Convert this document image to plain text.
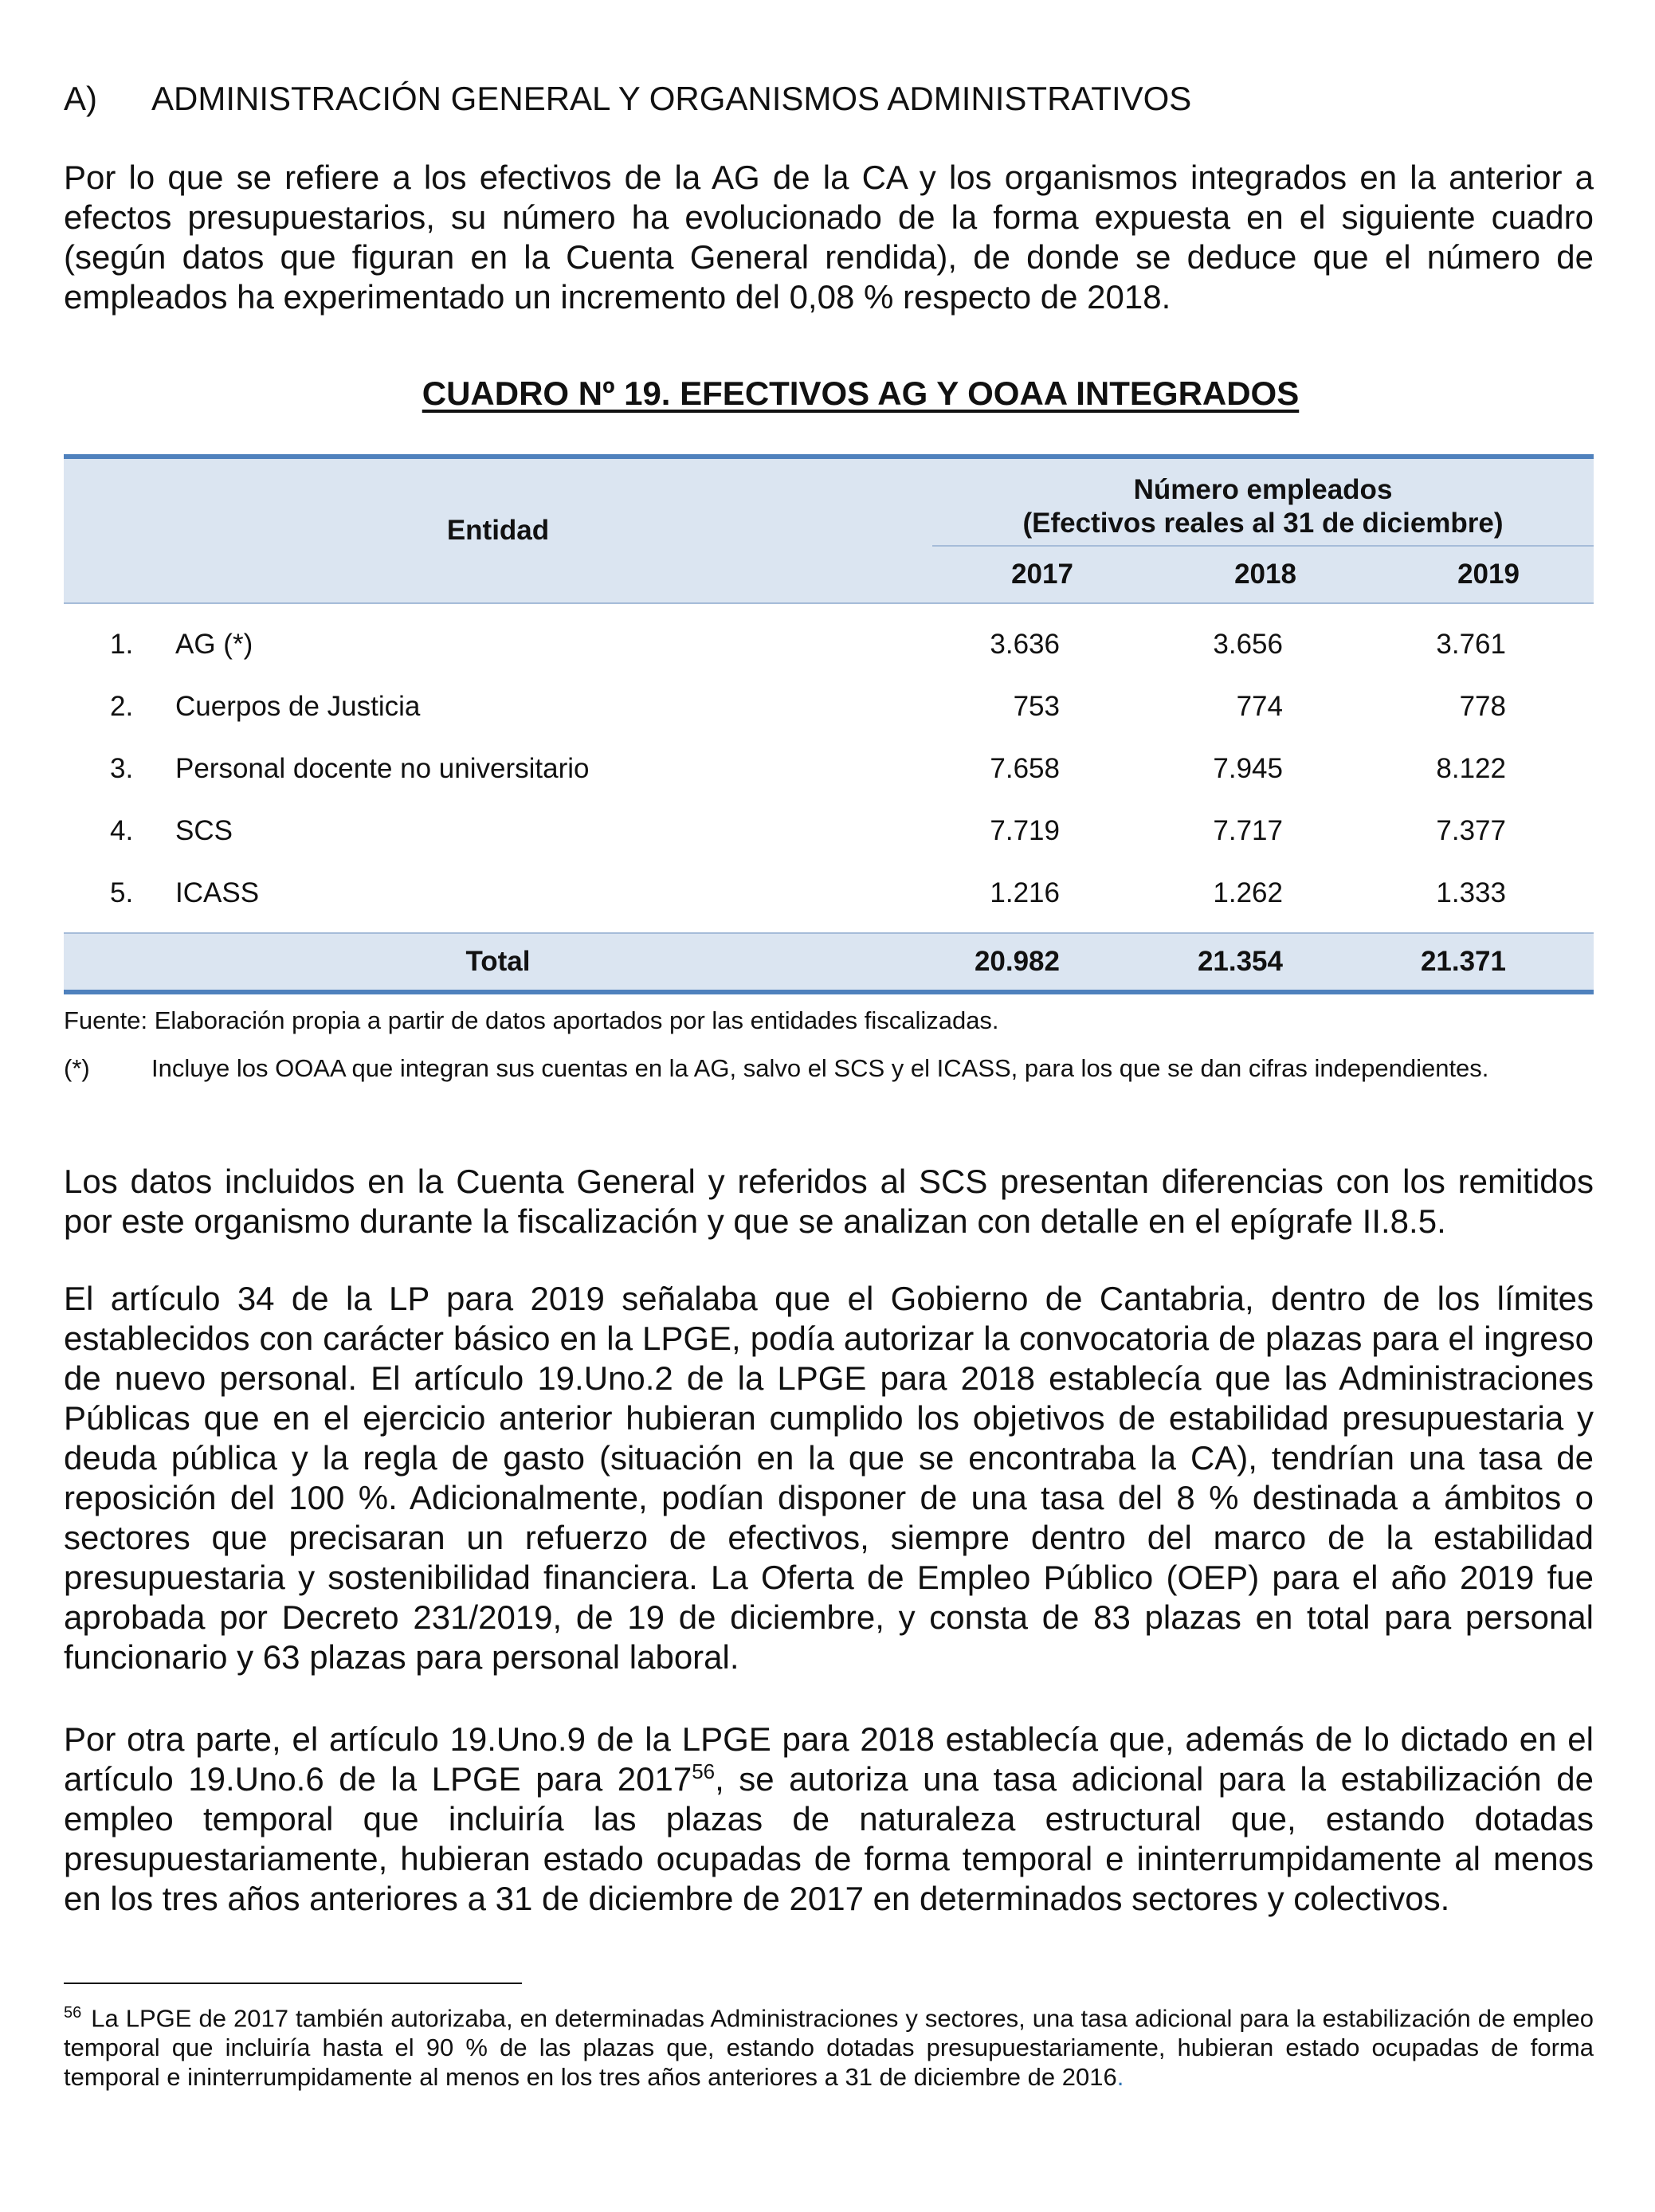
A) ADMINISTRACIÓN GENERAL Y ORGANISMOS ADMINISTRATIVOS

Por lo que se refiere a los efectivos de la AG de la CA y los organismos integrados en la anterior a efectos presupuestarios, su número ha evolucionado de la forma expuesta en el siguiente cuadro (según datos que figuran en la Cuenta General rendida), de donde se deduce que el número de empleados ha experimentado un incremento del 0,08 % respecto de 2018.

CUADRO Nº 19. EFECTIVOS AG Y OOAA INTEGRADOS
Entidad
Número empleados
(Efectivos reales al 31 de diciembre)
2017	2018	2019
1. AG (*)	3.636	3.656	3.761
2. Cuerpos de Justicia	753	774	778
3. Personal docente no universitario	7.658	7.945	8.122
4. SCS	7.719	7.717	7.377
5. ICASS	1.216	1.262	1.333
Total	20.982	21.354	21.371
Fuente: Elaboración propia a partir de datos aportados por las entidades fiscalizadas.
(*) Incluye los OOAA que integran sus cuentas en la AG, salvo el SCS y el ICASS, para los que se dan cifras independientes.

Los datos incluidos en la Cuenta General y referidos al SCS presentan diferencias con los remitidos por este organismo durante la fiscalización y que se analizan con detalle en el epígrafe II.8.5.

El artículo 34 de la LP para 2019 señalaba que el Gobierno de Cantabria, dentro de los límites establecidos con carácter básico en la LPGE, podía autorizar la convocatoria de plazas para el ingreso de nuevo personal. El artículo 19.Uno.2 de la LPGE para 2018 establecía que las Administraciones Públicas que en el ejercicio anterior hubieran cumplido los objetivos de estabilidad presupuestaria y deuda pública y la regla de gasto (situación en la que se encontraba la CA), tendrían una tasa de reposición del 100 %. Adicionalmente, podían disponer de una tasa del 8 % destinada a ámbitos o sectores que precisaran un refuerzo de efectivos, siempre dentro del marco de la estabilidad presupuestaria y sostenibilidad financiera. La Oferta de Empleo Público (OEP) para el año 2019 fue aprobada por Decreto 231/2019, de 19 de diciembre, y consta de 83 plazas en total para personal funcionario y 63 plazas para personal laboral.

Por otra parte, el artículo 19.Uno.9 de la LPGE para 2018 establecía que, además de lo dictado en el artículo 19.Uno.6 de la LPGE para 2017$^{56}$, se autoriza una tasa adicional para la estabilización de empleo temporal que incluiría las plazas de naturaleza estructural que, estando dotadas presupuestariamente, hubieran estado ocupadas de forma temporal e ininterrumpidamente al menos en los tres años anteriores a 31 de diciembre de 2017 en determinados sectores y colectivos.

$^{56}$ La LPGE de 2017 también autorizaba, en determinadas Administraciones y sectores, una tasa adicional para la estabilización de empleo temporal que incluiría hasta el 90 % de las plazas que, estando dotadas presupuestariamente, hubieran estado ocupadas de forma temporal e ininterrumpidamente al menos en los tres años anteriores a 31 de diciembre de 2016.
